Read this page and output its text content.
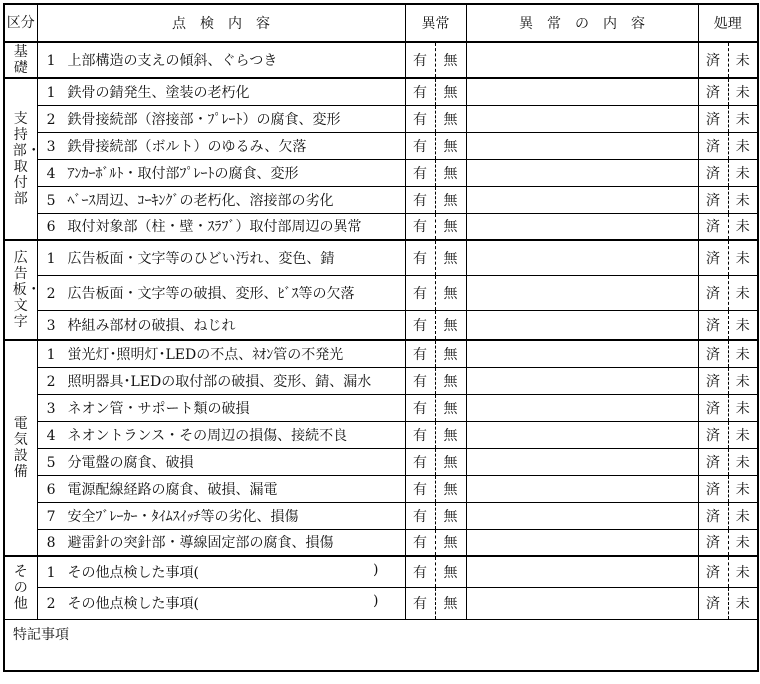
区分	点　検　内　容	異常		異　常　の　内　容	処理	
基礎	1 上部構造の支えの傾斜、ぐらつき	有	無		済	未
支持部・取付部	1 鉄骨の錆発生、塗装の老朽化	有	無		済	未
	2 鉄骨接続部（溶接部・ﾌﾟﾚｰﾄ）の腐食、変形	有	無		済	未
	3 鉄骨接続部（ボルト）のゆるみ、欠落	有	無		済	未
	4 ｱﾝｶｰﾎﾞﾙﾄ・取付部ﾌﾟﾚｰﾄの腐食、変形	有	無		済	未
	5 ﾍﾞｰｽ周辺、ｺｰｷﾝｸﾞの老朽化、溶接部の劣化	有	無		済	未
	6 取付対象部（柱・壁・ｽﾗﾌﾞ）取付部周辺の異常	有	無		済	未
広告板・文字	1 広告板面・文字等のひどい汚れ、変色、錆	有	無		済	未
	2 広告板面・文字等の破損、変形、ﾋﾞｽ等の欠落	有	無		済	未
	3 枠組み部材の破損、ねじれ	有	無		済	未
電気設備	1 蛍光灯･照明灯･LEDの不点、ﾈｵﾝ管の不発光	有	無		済	未
	2 照明器具･LEDの取付部の破損、変形、錆、漏水	有	無		済	未
	3 ネオン管・サポート類の破損	有	無		済	未
	4 ネオントランス・その周辺の損傷、接続不良	有	無		済	未
	5 分電盤の腐食、破損	有	無		済	未
	6 電源配線経路の腐食、破損、漏電	有	無		済	未
	7 安全ﾌﾞﾚｰｶｰ・ﾀｲﾑｽｲｯﾁ等の劣化、損傷	有	無		済	未
	8 避雷針の突針部・導線固定部の腐食、損傷	有	無		済	未
その他	1 その他点検した事項( )	有	無		済	未
	2 その他点検した事項( )	有	無		済	未
特記事項						
